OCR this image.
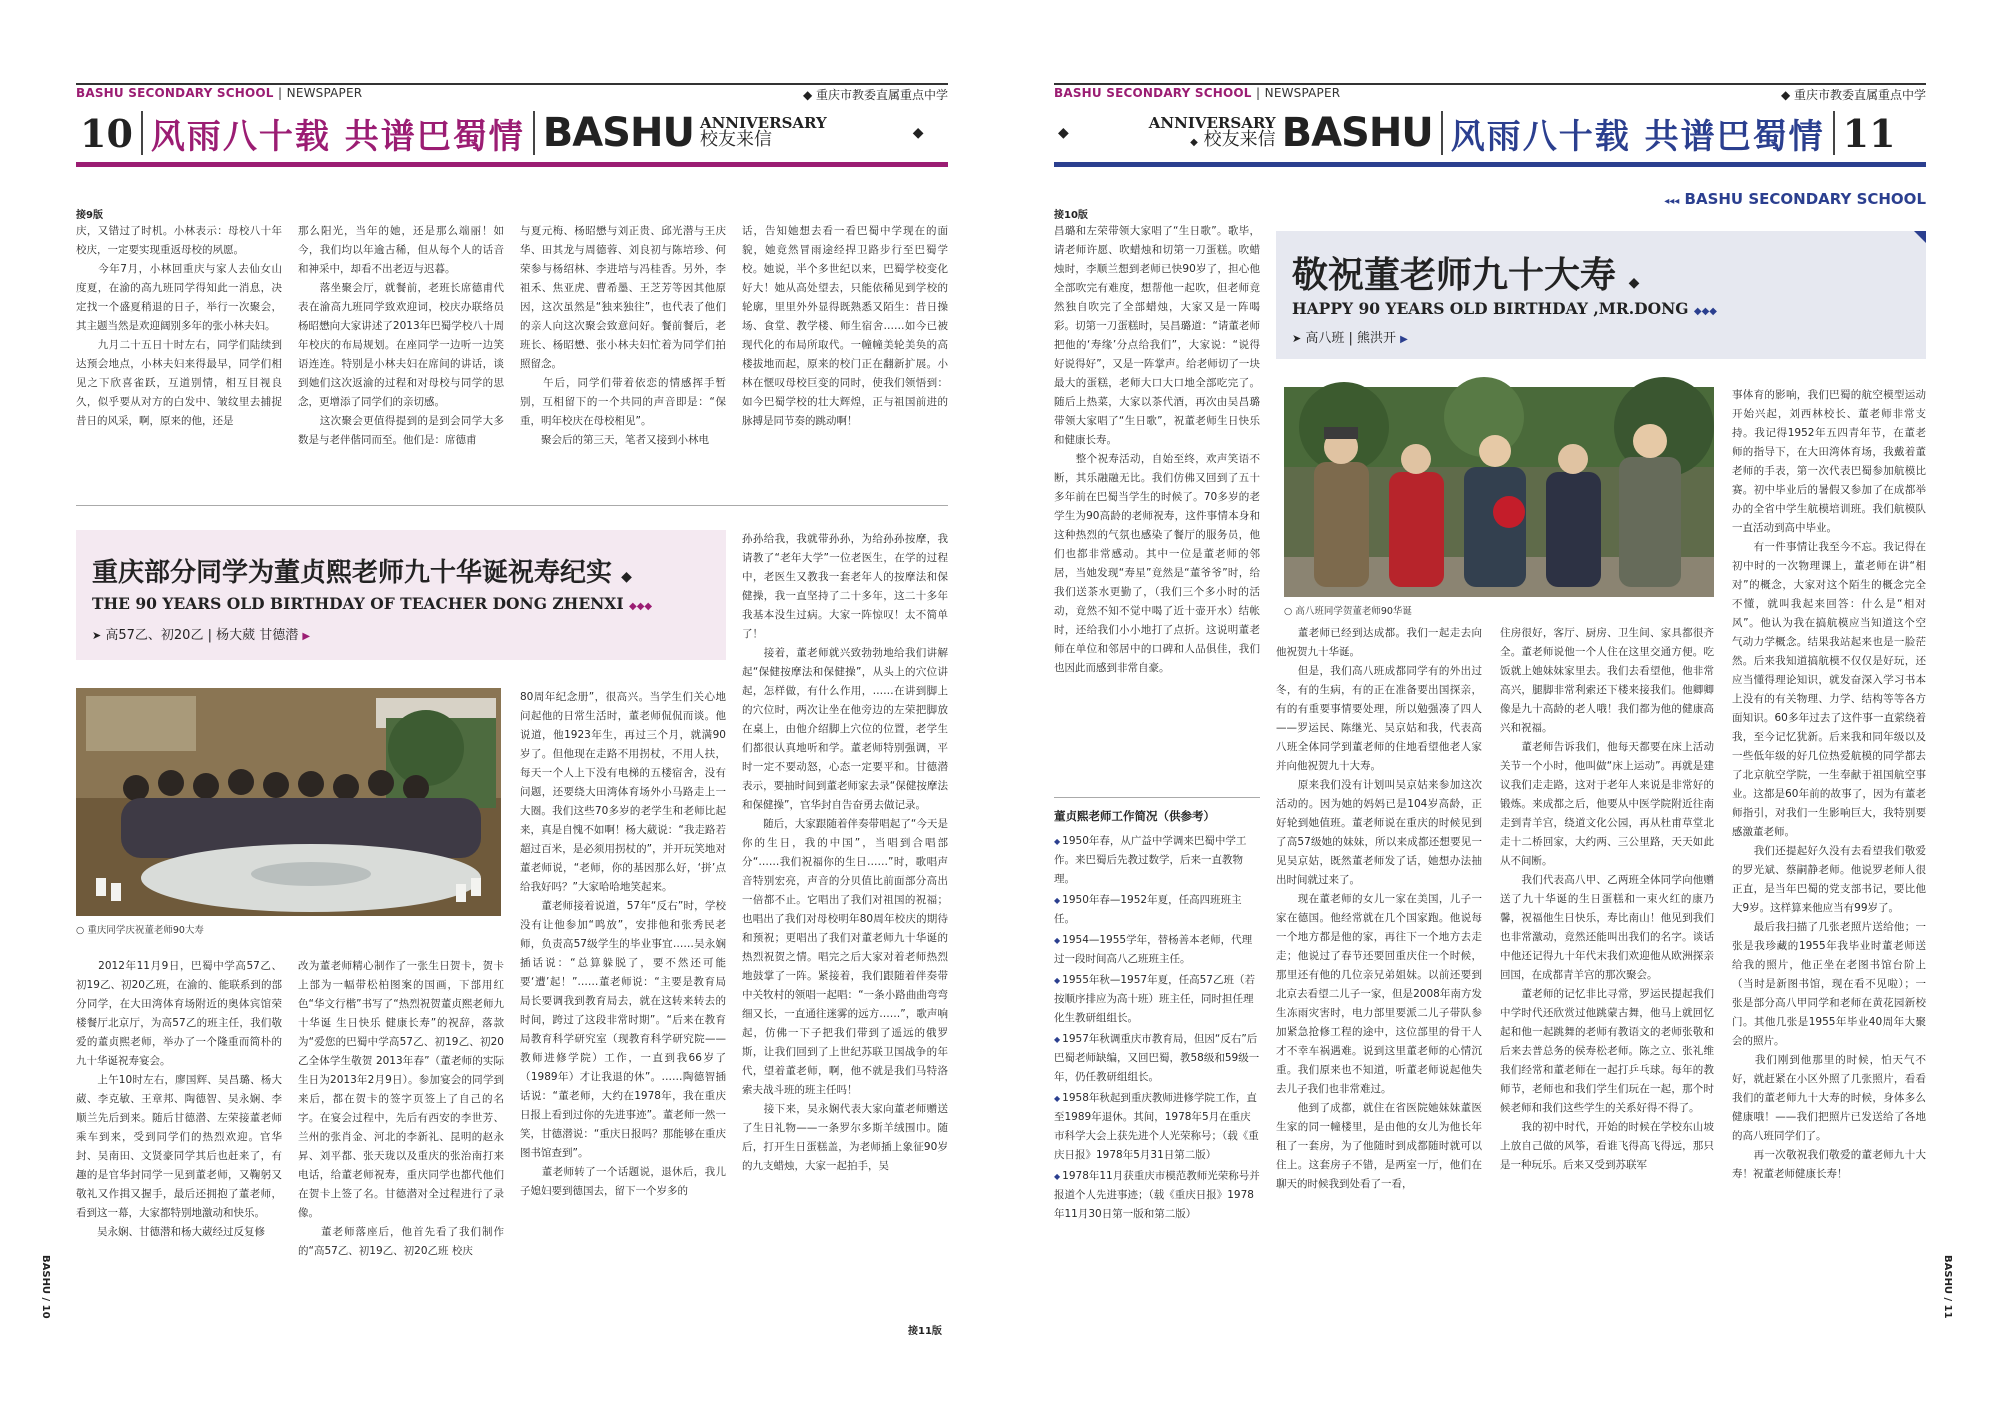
BASHU SECONDARY SCHOOL | NEWSPAPER	◆ 重庆市教委直属重点中学
10 风雨八十载 共谱巴蜀情 BASHU ANNIVERSARY
校友来信	◆
接9版
庆，又错过了时机。小林表示：母校八十年校庆，一定要实现重返母校的夙愿。
　　今年7月，小林回重庆与家人去仙女山度夏，在渝的高九班同学得知此一消息，决定找一个盛夏稍退的日子，举行一次聚会，其主题当然是欢迎阔别多年的张小林夫妇。
　　九月二十五日十时左右，同学们陆续到达预会地点，小林夫妇来得最早，同学们相见之下欣喜雀跃，互道别情，相互目视良久，似乎要从对方的白发中、皱纹里去捕捉昔日的风采，啊，原来的他，还是
那么阳光，当年的她，还是那么端丽！如今，我们均以年逾古稀，但从每个人的话音和神采中，却看不出老迈与迟暮。
　　落坐聚会厅，就餐前，老班长席德甫代表在渝高九班同学致欢迎词，校庆办联络员杨昭懋向大家讲述了2013年巴蜀学校八十周年校庆的布局规划。在座同学一边听一边笑语连连。特别是小林夫妇在席间的讲话，谈到她们这次返渝的过程和对母校与同学的思念，更增添了同学们的亲切感。
　　这次聚会更值得提到的是到会同学大多数是与老伴偕同而至。他们是：席德甫
与夏元梅、杨昭懋与刘正贵、邱光潜与王庆华、田其龙与周德蓉、刘良初与陈培珍、何荣参与杨绍林、李进培与冯桂香。另外，李祖禾、焦亚虎、曹希墨、王芝芳等因其他原因，这次虽然是“独来独往”，也代表了他们的亲人向这次聚会致意问好。餐前餐后，老班长、杨昭懋、张小林夫妇忙着为同学们拍照留念。
　　午后，同学们带着依恋的情感挥手暂别，互相留下的一个共同的声音即是：“保重，明年校庆在母校相见”。
　　聚会后的第三天，笔者又接到小林电
话，告知她想去看一看巴蜀中学现在的面貌，她竟然冒雨途经捍卫路步行至巴蜀学校。她说，半个多世纪以来，巴蜀学校变化好大！她从高处望去，只能依稀见到学校的轮廓，里里外外显得既熟悉又陌生：昔日操场、食堂、教学楼、师生宿舍……如今已被现代化的布局所取代。一幢幢美轮美奂的高楼拔地而起，原来的校门正在翻新扩展。小林在惬叹母校巨变的同时，使我们领悟到：如今巴蜀学校的壮大辉煌，正与祖国前进的脉搏是同节奏的跳动啊！
重庆部分同学为董贞熙老师九十华诞祝寿纪实 ◆
THE 90 YEARS OLD BIRTHDAY OF TEACHER DONG ZHENXI ◆◆◆
➤ 高57乙、初20乙 | 杨大葳 甘德潜 ▶
孙孙给我，我就带孙孙，为给孙孙按摩，我请教了“老年大学”一位老医生，在学的过程中，老医生又教我一套老年人的按摩法和保健操，我一直坚持了二十多年，这二十多年我基本没生过病。大家一阵惊叹！太不简单了！
　　接着，董老师就兴致勃勃地给我们讲解起“保健按摩法和保健操”，从头上的穴位讲起，怎样做，有什么作用，……在讲到脚上的穴位时，两次让坐在他旁边的左荣把脚放在桌上，由他介绍脚上穴位的位置，老学生们都很认真地听和学。董老师特别强调，平时一定不要动怒，心态一定要平和。甘德潜表示，要抽时间到董老师家去录“保健按摩法和保健操”，官华封自告奋勇去做记录。
　　随后，大家跟随着伴奏带唱起了“今天是你的生日，我的中国”，当唱到合唱部分“……我们祝福你的生日……”时，歌唱声音特别宏亮，声音的分贝值比前面部分高出一倍都不止。它唱出了我们对祖国的祝福；也唱出了我们对母校明年80周年校庆的期待和预祝；更唱出了我们对董老师九十华诞的热烈祝贺之情。唱完之后大家对着老师热烈地鼓掌了一阵。紧接着，我们跟随着伴奏带中关牧村的领唱一起唱：“一条小路曲曲弯弯细又长，一直通往迷雾的远方……”，歌声响起，仿佛一下子把我们带到了遥远的俄罗斯，让我们回到了上世纪苏联卫国战争的年代，望着董老师，啊，他不就是我们马特洛索夫战斗班的班主任吗！
　　接下来，吴永娴代表大家向董老师赠送了生日礼物——一条罗尔多斯羊绒围巾。随后，打开生日蛋糕盖，为老师插上象征90岁的九支蜡烛，大家一起拍手，吴
○ 重庆同学庆祝董老师90大寿
80周年纪念册”，很高兴。当学生们关心地问起他的日常生活时，董老师侃侃而谈。他说道，他1923年生，再过三个月，就满90岁了。但他现在走路不用拐杖，不用人扶，每天一个人上下没有电梯的五楼宿舍，没有问题，还要绕大田湾体育场外小马路走上一大圈。我们这些70多岁的老学生和老师比起来，真是自愧不如啊！杨大葳说：“我走路若超过百米，是必须用拐杖的”，并开玩笑地对董老师说，“老师，你的基因那么好，‘拼’点给我好吗？”大家哈哈地笑起来。
　　董老师接着说道，57年“反右”时，学校没有让他参加“鸣放”，安排他和张秀民老师，负责高57级学生的毕业事宜……吴永娴插话说：“总算躲脱了，要不然还可能要‘遭’起！”……董老师说：“主要是教育局局长要调我到教育局去，就在这转来转去的时间，跨过了这段非常时期”。“后来在教育局教育科学研究室（现教育科学研究院——教师进修学院）工作，一直到我66岁了（1989年）才让我退的休”。……陶德智插话说：“董老师，大约在1978年，我在重庆日报上看到过你的先进事迹”。董老师一然一笑，甘德潜说：“重庆日报吗？那能够在重庆图书馆查到”。
　　董老师转了一个话题说，退休后，我儿子媳妇要到德国去，留下一个岁多的
　　2012年11月9日，巴蜀中学高57乙、初19乙、初20乙班，在渝的、能联系到的部分同学，在大田湾体育场附近的奥体宾馆荣楼餐厅北京厅，为高57乙的班主任，我们敬爱的董贞熙老师，举办了一个隆重而简朴的九十华诞祝寿宴会。
　　上午10时左右，廖国辉、吴昌璐、杨大葳、李克敏、王章邦、陶德智、吴永娴、李顺兰先后到来。随后甘德潜、左荣接董老师乘车到来，受到同学们的热烈欢迎。官华封、吴南田、文贤豪同学其后也赶来了，有趣的是官华封同学一见到董老师，又鞠躬又敬礼又作揖又握手，最后还拥抱了董老师，看到这一幕，大家都特别地激动和快乐。
　　吴永娴、甘德潜和杨大葳经过反复修
改为董老师精心制作了一张生日贺卡，贺卡上部为一幅带松柏图案的国画，下部用红色“华文行楷”书写了“热烈祝贺董贞熙老师九十华诞 生日快乐 健康长寿”的祝辞，落款为“爱您的巴蜀中学高57乙、初19乙、初20乙全体学生敬贺 2013年春”（董老师的实际生日为2013年2月9日）。参加宴会的同学到来后，都在贺卡的签字页签上了自己的名字。在宴会过程中，先后有西安的李世芳、兰州的张肖金、河北的李新礼、昆明的赵永昇、刘平都、张天珑以及重庆的张治南打来电话，给董老师祝寿，重庆同学也都代他们在贺卡上签了名。甘德潜对全过程进行了录像。
　　董老师落座后，他首先看了我们制作的“高57乙、初19乙、初20乙班 校庆
接11版
BASHU / 10
BASHU SECONDARY SCHOOL | NEWSPAPER	◆ 重庆市教委直属重点中学
◆
ANNIVERSARY
◆ 校友来信 BASHU 风雨八十载 共谱巴蜀情 11
接10版
◂◂◂ BASHU SECONDARY SCHOOL
昌璐和左荣带领大家唱了“生日歌”。歌毕，请老师许愿、吹蜡烛和切第一刀蛋糕。吹蜡烛时，李顺兰想到老师已快90岁了，担心他全部吹完有难度，想帮他一起吹，但老师竟然独自吹完了全部蜡烛，大家又是一阵喝彩。切第一刀蛋糕时，吴昌璐道：“请董老师把他的‘寿缘’分点给我们”，大家说：“说得好说得好”，又是一阵掌声。给老师切了一块最大的蛋糕，老师大口大口地全部吃完了。随后上热菜，大家以茶代酒，再次由吴昌璐带领大家唱了“生日歌”，祝董老师生日快乐和健康长寿。
　　整个祝寿活动，自始至终，欢声笑语不断，其乐融融无比。我们仿佛又回到了五十多年前在巴蜀当学生的时候了。70多岁的老学生为90高龄的老师祝寿，这件事情本身和这种热烈的气氛也感染了餐厅的服务员，他们也都非常感动。其中一位是董老师的邻居，当她发现“寿星”竟然是“董爷爷”时，给我们送茶水更勤了，（我们三个多小时的活动，竟然不知不觉中喝了近十壶开水）结帐时，还给我们小小地打了点折。这说明董老师在单位和邻居中的口碑和人品俱佳，我们也因此而感到非常自豪。
敬祝董老师九十大寿 ◆
HAPPY 90 YEARS OLD BIRTHDAY ,MR.DONG ◆◆◆
➤ 高八班 | 熊洪开 ▶
○ 高八班同学贺董老师90华诞
事体育的影响，我们巴蜀的航空模型运动开始兴起，刘西林校长、董老师非常支持。我记得1952年五四青年节，在董老师的指导下，在大田湾体育场，我戴着董老师的手表，第一次代表巴蜀参加航模比赛。初中毕业后的暑假又参加了在成都举办的全省中学生航模培训班。我们航模队一直活动到高中毕业。
　　有一件事情让我至今不忘。我记得在初中时的一次物理课上，董老师在讲“相对”的概念，大家对这个陌生的概念完全不懂，就叫我起来回答：什么是“相对风”。他认为我在搞航模应当知道这个空气动力学概念。结果我站起来也是一脸茫然。后来我知道搞航模不仅仅是好玩，还应当懂得理论知识，就发奋深入学习书本上没有的有关物理、力学、结构等等各方面知识。60多年过去了这件事一直萦绕着我，至今记忆犹新。后来我和同年级以及一些低年级的好几位热爱航模的同学都去了北京航空学院，一生奉献于祖国航空事业。这都是60年前的故事了，因为有董老师指引，对我们一生影响巨大，我特别要感激董老师。
　　我们还提起好久没有去看望我们敬爱的罗光斌、蔡嗣静老师。他说罗老师人很正直，是当年巴蜀的党支部书记，要比他大9岁。这样算来他应当有99岁了。
　　最后我扫描了几张老照片送给他；一张是我珍藏的1955年我毕业时董老师送给我的照片，他正坐在老图书馆台阶上（当时是新图书馆，现在看不见啦）；一张是部分高八甲同学和老师在黄花园新校门。其他几张是1955年毕业40周年大聚会的照片。
　　我们刚到他那里的时候，怕天气不好，就赶紧在小区外照了几张照片，看看我们的董老师九十大寿的时候，身体多么健康哦！——我们把照片已发送给了各地的高八班同学们了。
　　再一次敬祝我们敬爱的董老师九十大寿！祝董老师健康长寿！
董贞熙老师工作简况（供参考）
◆ 1950年春，从广益中学调来巴蜀中学工作。来巴蜀后先教过数学，后来一直教物理。
◆ 1950年春—1952年夏，任高四班班主任。
◆ 1954—1955学年，替杨善本老师，代理过一段时间高八乙班班主任。
◆ 1955年秋—1957年夏，任高57乙班（若按顺序排应为高十班）班主任，同时担任理化生教研组组长。
◆ 1957年秋调重庆市教育局，但因“反右”后巴蜀老师缺编，又回巴蜀，教58级和59级一年，仍任教研组组长。
◆ 1958年秋起到重庆教师进修学院工作，直至1989年退休。其间，1978年5月在重庆市科学大会上获先进个人光荣称号；（载《重庆日报》1978年5月31日第二版）
◆ 1978年11月获重庆市模范教师光荣称号并报道个人先进事迹；（载《重庆日报》1978年11月30日第一版和第二版）
　　董老师已经到达成都。我们一起走去向他祝贺九十华诞。
　　但是，我们高八班成都同学有的外出过冬，有的生病，有的正在准备要出国探亲，有的有重要事情要处理，所以勉强凑了四人——罗运民、陈继光、吴京姑和我，代表高八班全体同学到董老师的住地看望他老人家并向他祝贺九十大寿。
　　原来我们没有计划叫吴京姑来参加这次活动的。因为她的妈妈已是104岁高龄，正好轮到她值班。董老师说在重庆的时候见到了高57级她的妹妹，所以来成都还想要见一见吴京姑，既然董老师发了话，她想办法抽出时间就过来了。
　　现在董老师的女儿一家在美国，儿子一家在德国。他经常就在几个国家跑。他说每一个地方都是他的家，再往下一个地方去走走；他说过了春节还要回重庆住一个时候，那里还有他的几位亲兄弟姐妹。以前还要到北京去看望二儿子一家，但是2008年南方发生冻雨灾害时，电力部里要派二儿子带队参加紧急抢修工程的途中，这位部里的骨干人才不幸车祸遇难。说到这里董老师的心情沉重。我们原来也不知道，听董老师说起他失去儿子我们也非常难过。
　　他到了成都，就住在省医院她妹妹董医生家的同一幢楼里，是由他的女儿为他长年租了一套房，为了他随时到成都随时就可以住上。这套房子不错，是两室一厅，他们在聊天的时候我到处看了一看，
住房很好，客厅、厨房、卫生间、家具都很齐全。董老师说他一个人住在这里交通方便。吃饭就上她妹妹家里去。我们去看望他，他非常高兴，腿脚非常利索还下楼来接我们。他卿卿像是九十高龄的老人哦！我们都为他的健康高兴和祝福。
　　董老师告诉我们，他每天都要在床上活动关节一个小时，他叫做“床上运动”。再就是建议我们走走路，这对于老年人来说是非常好的锻炼。来成都之后，他要从中医学院附近往南走到青羊宫，绕道文化公园，再从杜甫草堂北走十二桥回家，大约两、三公里路，天天如此从不间断。
　　我们代表高八甲、乙两班全体同学向他赠送了九十华诞的生日蛋糕和一束火红的康乃馨，祝福他生日快乐，寿比南山！他见到我们也非常激动，竟然还能叫出我们的名字。谈话中他还记得九十年代末我们欢迎他从欧洲探亲回国，在成都青羊宫的那次聚会。
　　董老师的记忆非比寻常，罗运民提起我们中学时代还欣赏过他跳蒙古舞，他马上就回忆起和他一起跳舞的老师有教语文的老师张敬和后来去普总务的侯寿松老师。陈之立、张礼维我们经常和董老师在一起打乒乓球。每年的教师节，老师也和我们学生们玩在一起，那个时候老师和我们这些学生的关系好得不得了。
　　我的初中时代，开始的时候在学校东山坡上放自己做的风筝，看谁飞得高飞得远，那只是一种玩乐。后来又受到苏联军
BASHU / 11
